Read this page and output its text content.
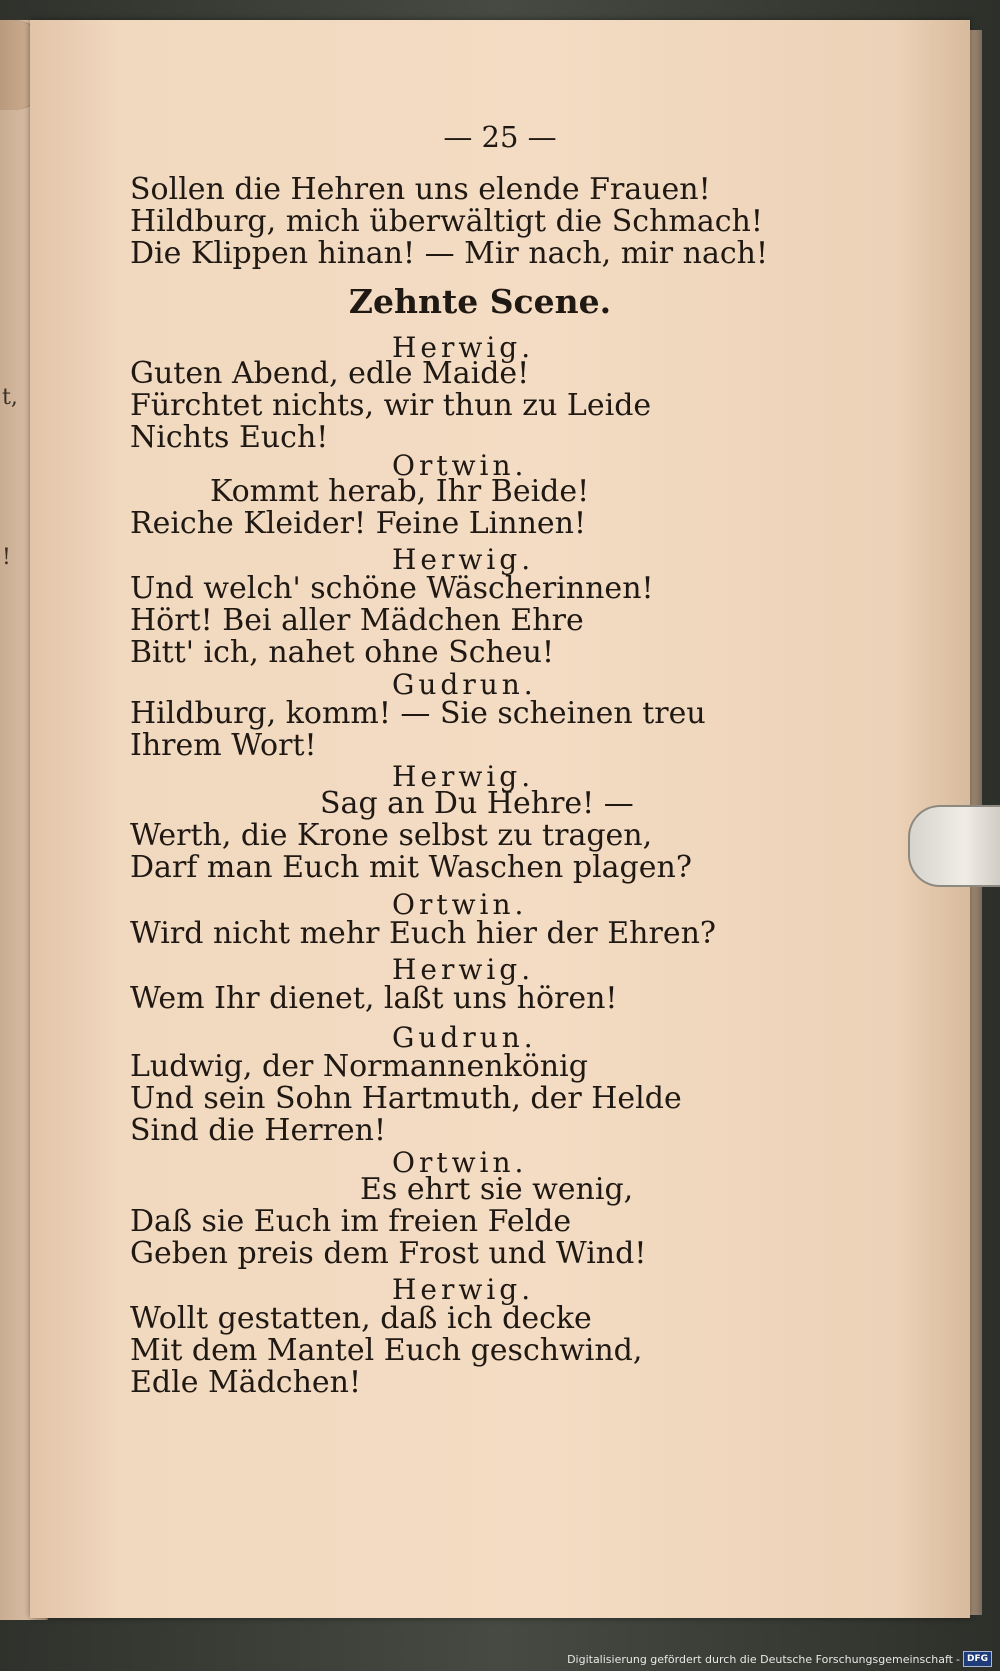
t,
!
— 25 —
Sollen die Hehren uns elende Frauen!
Hildburg, mich überwältigt die Schmach!
Die Klippen hinan! — Mir nach, mir nach!
Zehnte Scene.
Herwig.
Guten Abend, edle Maide!
Fürchtet nichts, wir thun zu Leide
Nichts Euch!
Ortwin.
Kommt herab, Ihr Beide!
Reiche Kleider! Feine Linnen!
Herwig.
Und welch' schöne Wäscherinnen!
Hört! Bei aller Mädchen Ehre
Bitt' ich, nahet ohne Scheu!
Gudrun.
Hildburg, komm! — Sie scheinen treu
Ihrem Wort!
Herwig.
Sag an Du Hehre! —
Werth, die Krone selbst zu tragen,
Darf man Euch mit Waschen plagen?
Ortwin.
Wird nicht mehr Euch hier der Ehren?
Herwig.
Wem Ihr dienet, laßt uns hören!
Gudrun.
Ludwig, der Normannenkönig
Und sein Sohn Hartmuth, der Helde
Sind die Herren!
Ortwin.
Es ehrt sie wenig,
Daß sie Euch im freien Felde
Geben preis dem Frost und Wind!
Herwig.
Wollt gestatten, daß ich decke
Mit dem Mantel Euch geschwind,
Edle Mädchen!
Digitalisierung gefördert durch die Deutsche Forschungsgemeinschaft - DFG
